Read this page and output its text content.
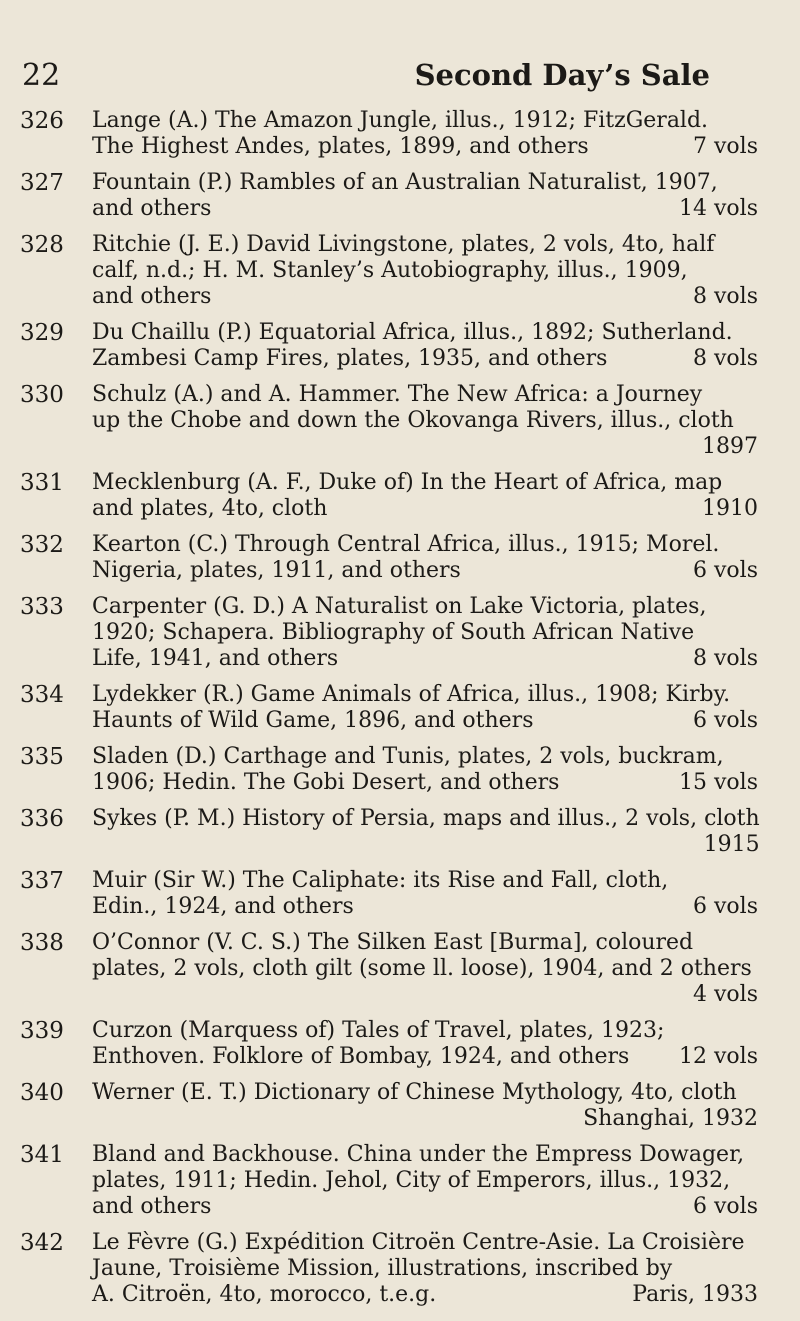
22	Second Day’s Sale
326	Lange (A.) The Amazon Jungle, illus., 1912; FitzGerald.
The Highest Andes, plates, 1899, and others	7 vols
327	Fountain (P.) Rambles of an Australian Naturalist, 1907,
and others	14 vols
328	Ritchie (J. E.) David Livingstone, plates, 2 vols, 4to, half
calf, n.d.; H. M. Stanley’s Autobiography, illus., 1909,
and others	8 vols
329	Du Chaillu (P.) Equatorial Africa, illus., 1892; Sutherland.
Zambesi Camp Fires, plates, 1935, and others	8 vols
330	Schulz (A.) and A. Hammer. The New Africa: a Journey
up the Chobe and down the Okovanga Rivers, illus., cloth
1897
331	Mecklenburg (A. F., Duke of) In the Heart of Africa, map
and plates, 4to, cloth	1910
332	Kearton (C.) Through Central Africa, illus., 1915; Morel.
Nigeria, plates, 1911, and others	6 vols
333	Carpenter (G. D.) A Naturalist on Lake Victoria, plates,
1920; Schapera. Bibliography of South African Native
Life, 1941, and others	8 vols
334	Lydekker (R.) Game Animals of Africa, illus., 1908; Kirby.
Haunts of Wild Game, 1896, and others	6 vols
335	Sladen (D.) Carthage and Tunis, plates, 2 vols, buckram,
1906; Hedin. The Gobi Desert, and others	15 vols
336	Sykes (P. M.) History of Persia, maps and illus., 2 vols, cloth
1915
337	Muir (Sir W.) The Caliphate: its Rise and Fall, cloth,
Edin., 1924, and others	6 vols
338	O’Connor (V. C. S.) The Silken East [Burma], coloured
plates, 2 vols, cloth gilt (some ll. loose), 1904, and 2 others
4 vols
339	Curzon (Marquess of) Tales of Travel, plates, 1923;
Enthoven. Folklore of Bombay, 1924, and others 12 vols
340	Werner (E. T.) Dictionary of Chinese Mythology, 4to, cloth
Shanghai, 1932
341	Bland and Backhouse. China under the Empress Dowager,
plates, 1911; Hedin. Jehol, City of Emperors, illus., 1932,
and others	6 vols
342	Le Fèvre (G.) Expédition Citroën Centre-Asie. La Croisière
Jaune, Troisième Mission, illustrations, inscribed by
A. Citroën, 4to, morocco, t.e.g.	Paris, 1933
